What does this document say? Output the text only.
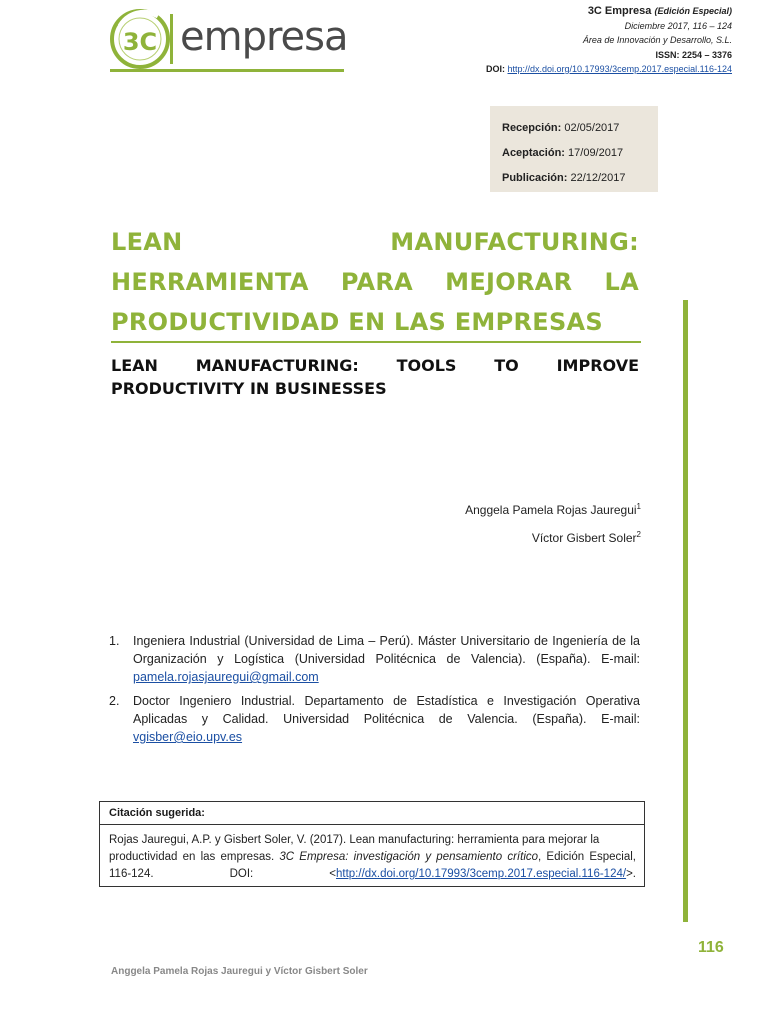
3C empresa
3C Empresa (Edición Especial)
Diciembre 2017, 116 – 124
Área de Innovación y Desarrollo, S.L.
ISSN: 2254 – 3376
DOI: http://dx.doi.org/10.17993/3cemp.2017.especial.116-124
Recepción: 02/05/2017
Aceptación: 17/09/2017
Publicación: 22/12/2017
LEAN	MANUFACTURING:
HERRAMIENTA PARA MEJORAR LA
PRODUCTIVIDAD EN LAS EMPRESAS
LEAN MANUFACTURING: TOOLS TO IMPROVE
PRODUCTIVITY IN BUSINESSES
Anggela Pamela Rojas Jauregui$^1$
Víctor Gisbert Soler$^2$
1. Ingeniera Industrial (Universidad de Lima – Perú). Máster Universitario de Ingeniería de la Organización y Logística (Universidad Politécnica de Valencia). (España). E-mail: pamela.rojasjauregui@gmail.com
2. Doctor Ingeniero Industrial. Departamento de Estadística e Investigación Operativa Aplicadas y Calidad. Universidad Politécnica de Valencia. (España). E-mail: vgisber@eio.upv.es
Citación sugerida:
Rojas Jauregui, A.P. y Gisbert Soler, V. (2017). Lean manufacturing: herramienta para mejorar la
productividad en las empresas. 3C Empresa: investigación y pensamiento crítico, Edición Especial,
116-124.	DOI:	<http://dx.doi.org/10.17993/3cemp.2017.especial.116-124/>.
116
Anggela Pamela Rojas Jauregui y Víctor Gisbert Soler
